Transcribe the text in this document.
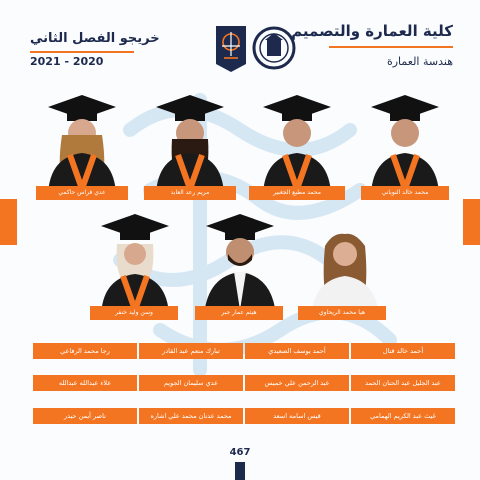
كلية العمارة والتصميم
هندسة العمارة
خريجو الفصل الثاني
2021 - 2020
محمد خالد النوباني
محمد مطيع الجغبير
مريم رعد العابد
عدي فراس حاكمي
هيا محمد الريحاوي
هيثم عمار جبر
وسن وليد خنفر
أحمد خالد قتال
أحمد يوسف الصعيدي
تبارك منعم عبد القادر
رجا محمد الرفاعي
عبد الجليل عبد الحنان الحمد
عبد الرحمن علي خميس
عدي سليمان الجويم
علاء عبدالله عبدالله
غيث عبد الكريم الهمامي
قيس اسامه اسعد
محمد عدنان محمد علي اشاره
ناصر أيمن حيدر
467
